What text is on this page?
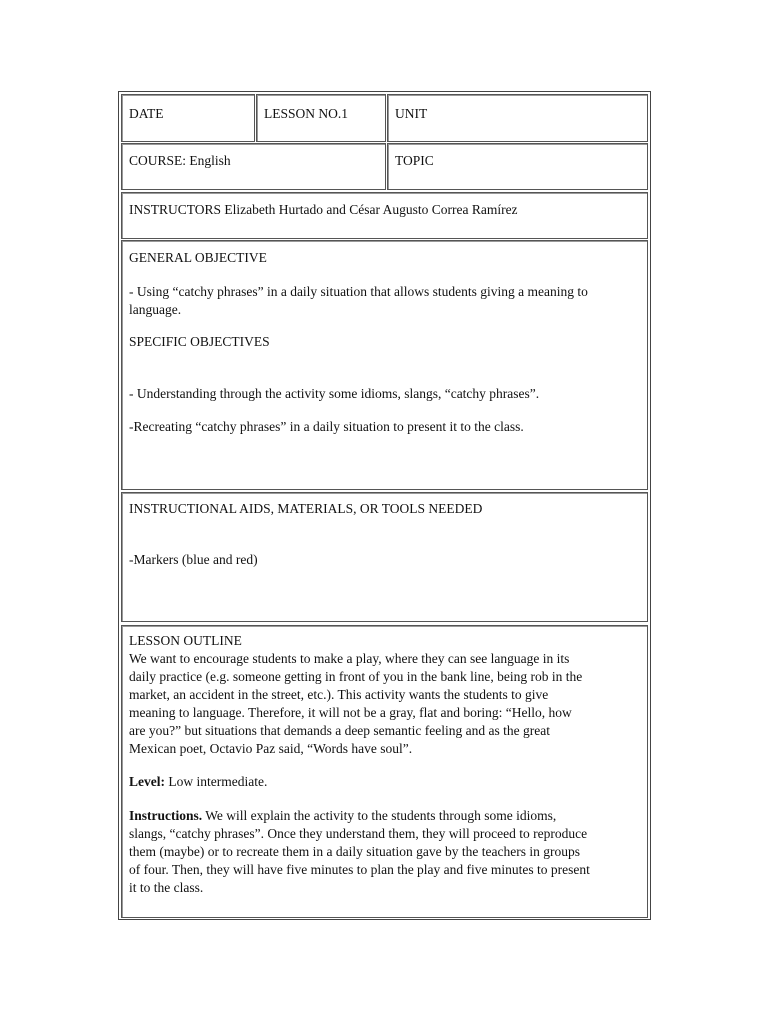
DATE	LESSON NO.1	UNIT
COURSE: English	TOPIC
INSTRUCTORS Elizabeth Hurtado and César Augusto Correa Ramírez
GENERAL OBJECTIVE
- Using “catchy phrases” in a daily situation that allows students giving a meaning to
language.
SPECIFIC OBJECTIVES
- Understanding through the activity some idioms, slangs, “catchy phrases”.
-Recreating “catchy phrases” in a daily situation to present it to the class.
INSTRUCTIONAL AIDS, MATERIALS, OR TOOLS NEEDED
-Markers (blue and red)
LESSON OUTLINE
We want to encourage students to make a play, where they can see language in its
daily practice (e.g. someone getting in front of you in the bank line, being rob in the
market, an accident in the street, etc.). This activity wants the students to give
meaning to language. Therefore, it will not be a gray, flat and boring: “Hello, how
are you?” but situations that demands a deep semantic feeling and as the great
Mexican poet, Octavio Paz said, “Words have soul”.
Level: Low intermediate.
Instructions. We will explain the activity to the students through some idioms,
slangs, “catchy phrases”. Once they understand them, they will proceed to reproduce
them (maybe) or to recreate them in a daily situation gave by the teachers in groups
of four. Then, they will have five minutes to plan the play and five minutes to present
it to the class.
